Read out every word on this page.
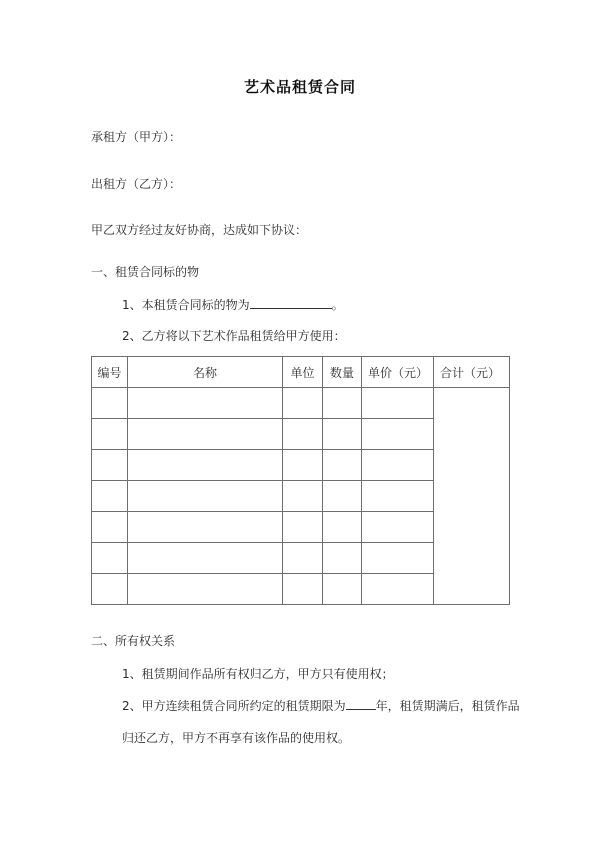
艺术品租赁合同
承租方（甲方）：
出租方（乙方）：
甲乙双方经过友好协商，达成如下协议：
一、租赁合同标的物
1、本租赁合同标的物为	。
2、乙方将以下艺术作品租赁给甲方使用：
编号	名称	单位	数量	单价（元）	合计（元）

二、所有权关系
1、租赁期间作品所有权归乙方，甲方只有使用权；
2、甲方连续租赁合同所约定的租赁期限为	年，租赁期满后，租赁作品
归还乙方，甲方不再享有该作品的使用权。
